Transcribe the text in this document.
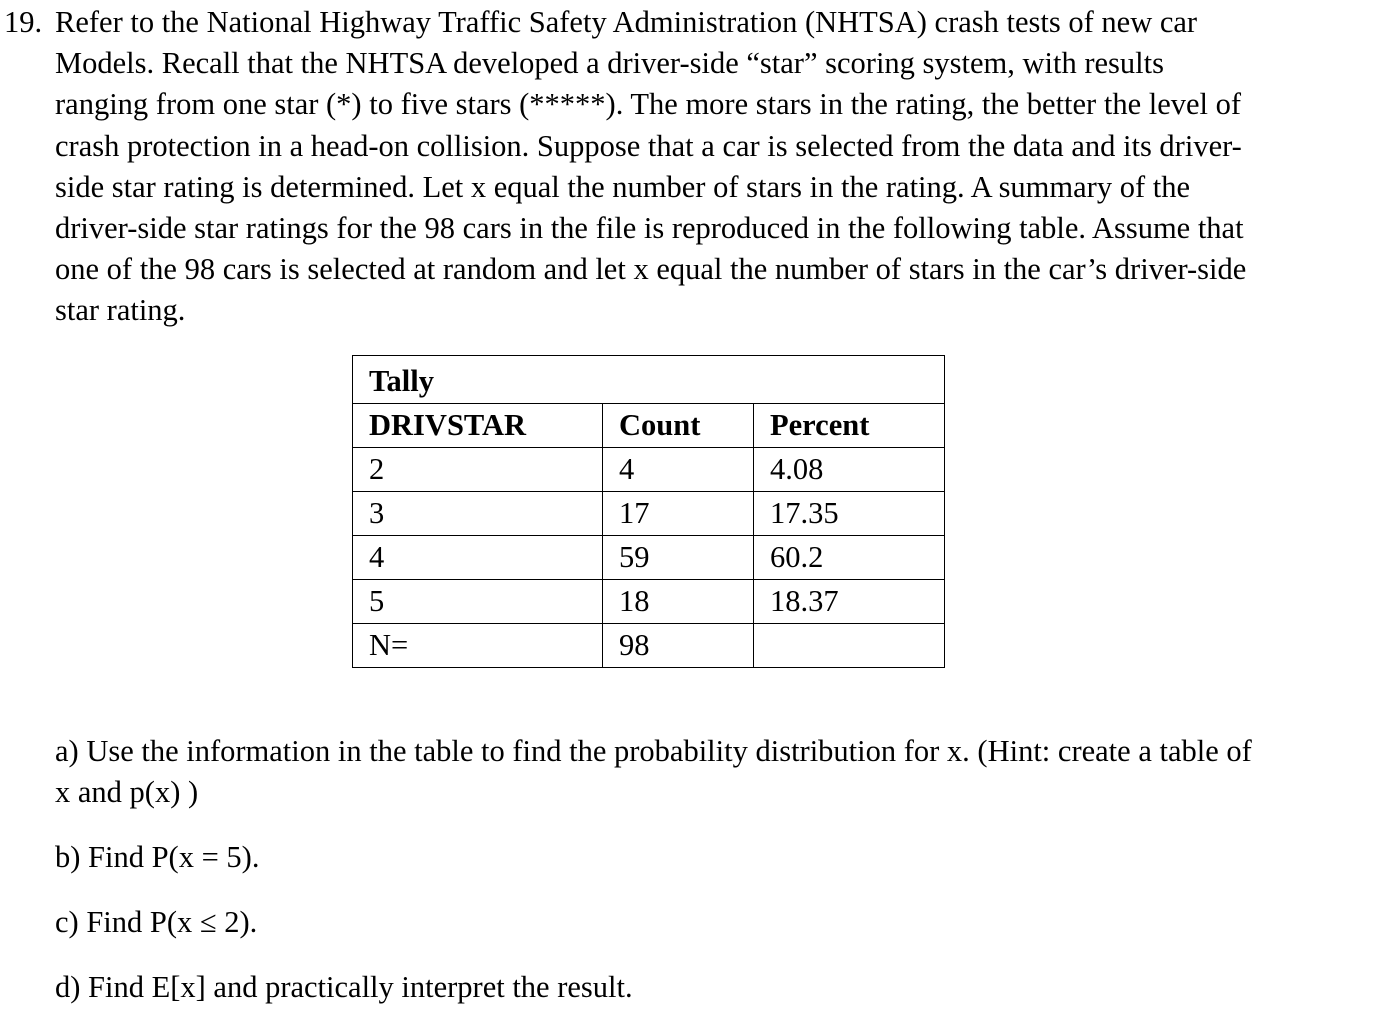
19. Refer to the National Highway Traffic Safety Administration (NHTSA) crash tests of new car
Models. Recall that the NHTSA developed a driver-side “star” scoring system, with results
ranging from one star (*) to five stars (*****). The more stars in the rating, the better the level of
crash protection in a head-on collision. Suppose that a car is selected from the data and its driver-
side star rating is determined. Let x equal the number of stars in the rating. A summary of the
driver-side star ratings for the 98 cars in the file is reproduced in the following table. Assume that
one of the 98 cars is selected at random and let x equal the number of stars in the car’s driver-side
star rating.
Tally		
DRIVSTAR	Count	Percent
2	4	4.08
3	17	17.35
4	59	60.2
5	18	18.37
N=	98	
a) Use the information in the table to find the probability distribution for x. (Hint: create a table of
x and p(x) )
b) Find P(x = 5).
c) Find P(x ≤ 2).
d) Find E[x] and practically interpret the result.
